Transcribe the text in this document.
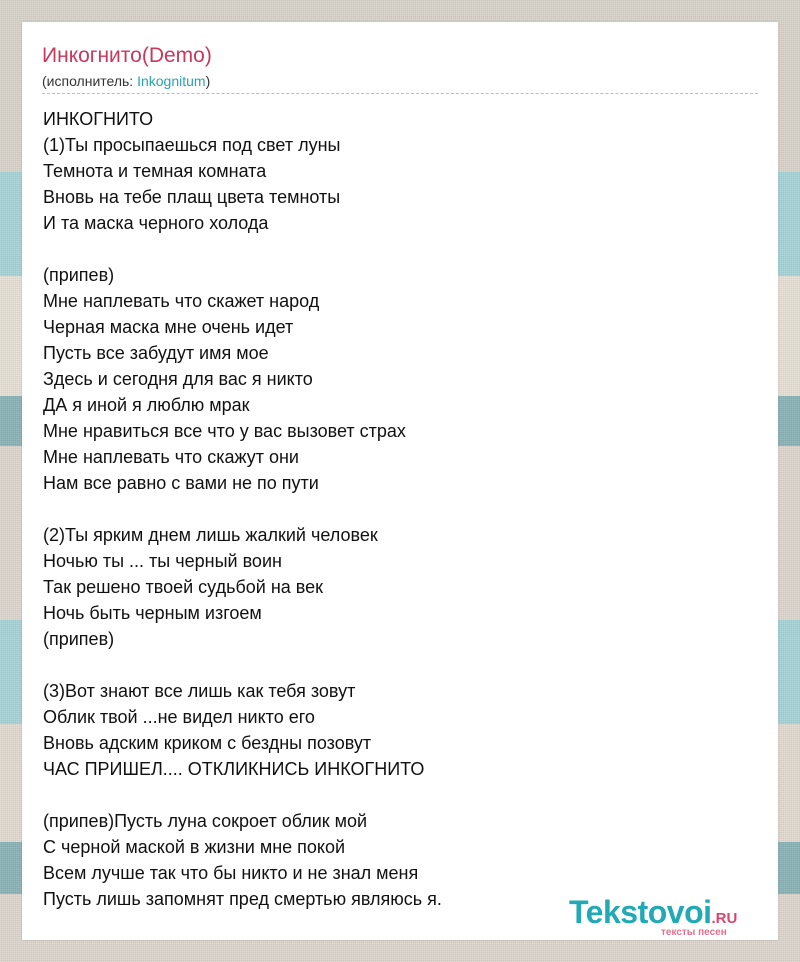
Инкогнито(Demo)
(исполнитель: Inkognitum)
ИНКОГНИТО
(1)Ты просыпаешься под свет луны
Темнота и темная комната
Вновь на тебе плащ цвета темноты
И та маска черного холода
(припев)
Мне наплевать что скажет народ
Черная маска мне очень идет
Пусть все забудут имя мое
Здесь и сегодня для вас я никто
ДА я иной я люблю мрак
Мне нравиться все что у вас вызовет страх
Мне наплевать что скажут они
Нам все равно с вами не по пути
(2)Ты ярким днем лишь жалкий человек
Ночью ты ... ты черный воин
Так решено твоей судьбой на век
Ночь быть черным изгоем
(припев)
(3)Вот знают все лишь как тебя зовут
Облик твой ...не видел никто его
Вновь адским криком с бездны позовут
ЧАС ПРИШЕЛ.... ОТКЛИКНИСЬ ИНКОГНИТО
(припев)Пусть луна сокроет облик мой
С черной маской в жизни мне покой
Всем лучше так что бы никто и не знал меня
Пусть лишь запомнят пред смертью являюсь я.	Tekstovoi.RU
тексты песен
